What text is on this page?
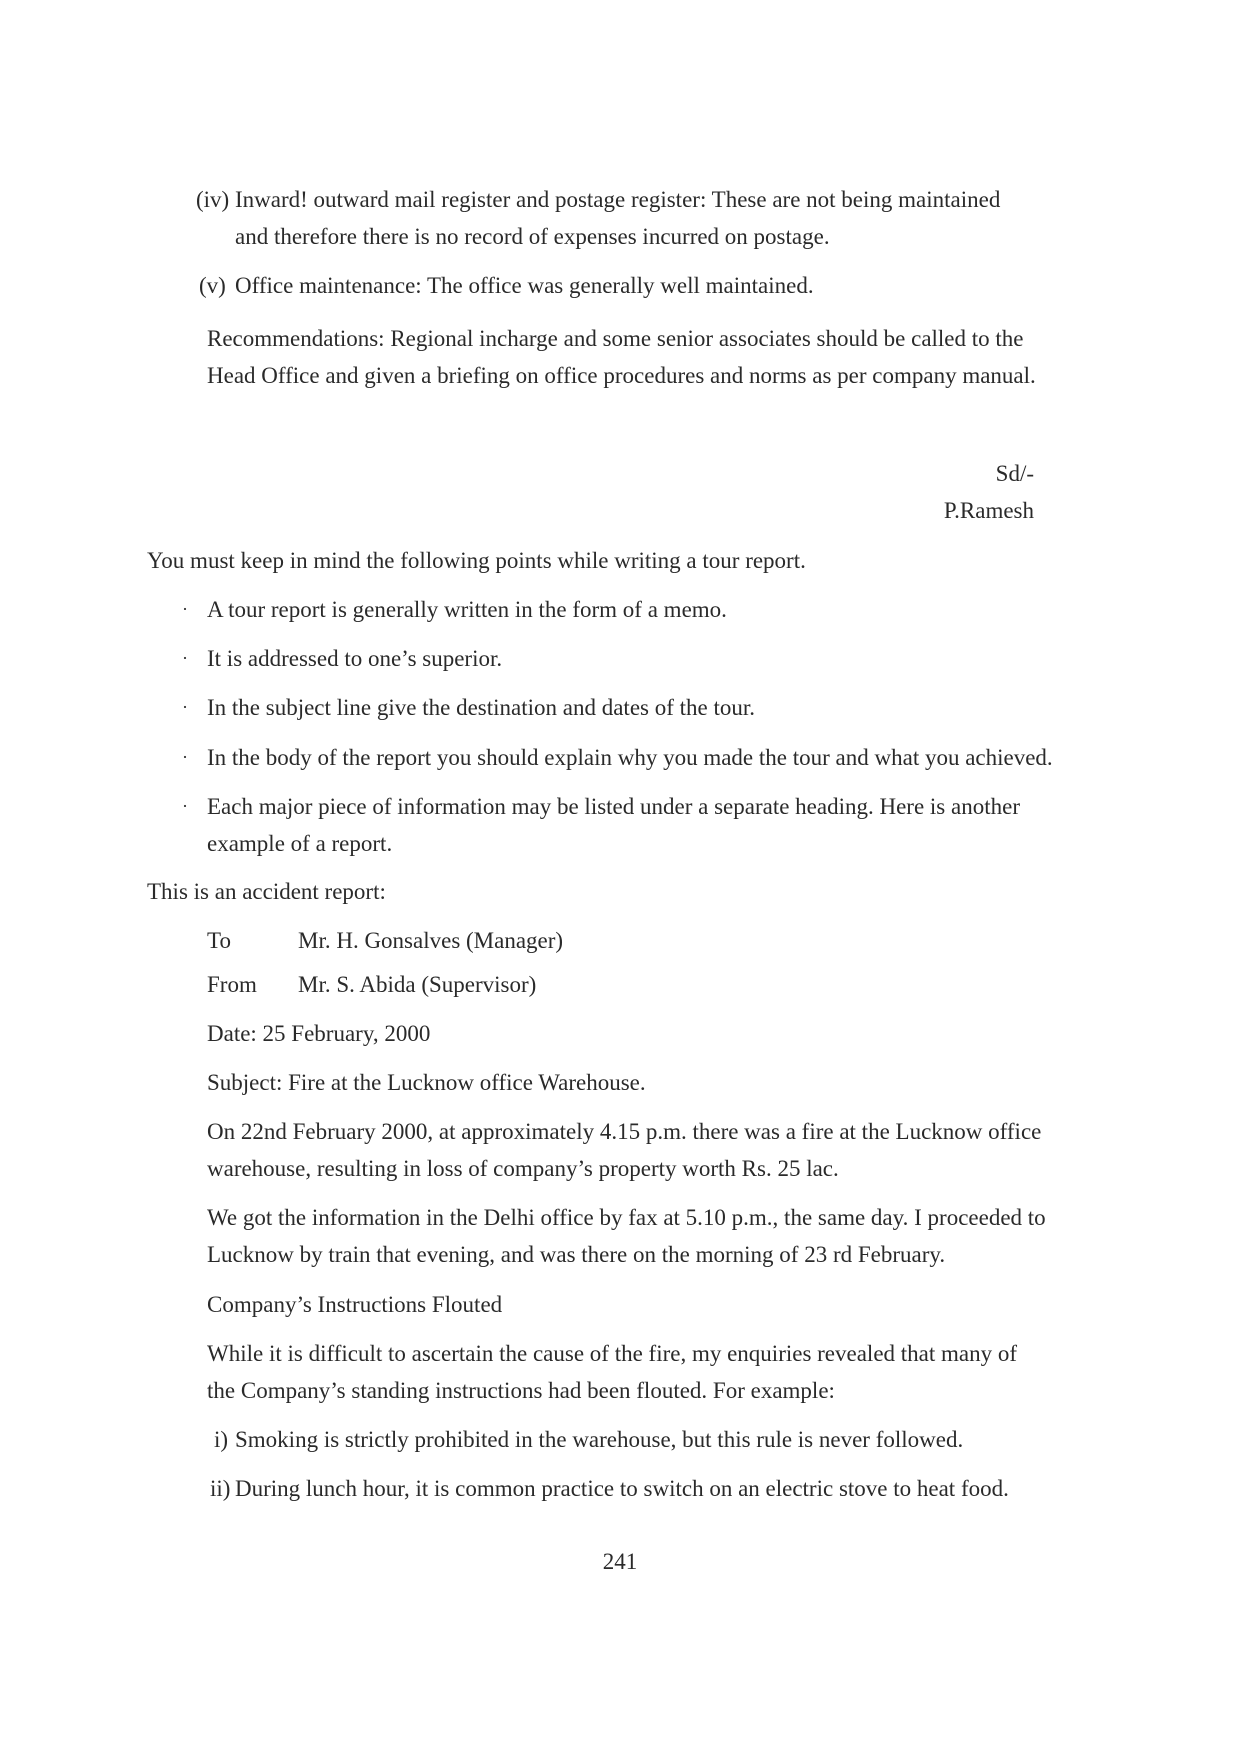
(iv) Inward! outward mail register and postage register: These are not being maintained and therefore there is no record of expenses incurred on postage.
(v) Office maintenance: The office was generally well maintained.

Recommendations: Regional incharge and some senior associates should be called to the Head Office and given a briefing on office procedures and norms as per company manual.

Sd/-
P.Ramesh
You must keep in mind the following points while writing a tour report.
· A tour report is generally written in the form of a memo.
· It is addressed to one’s superior.
· In the subject line give the destination and dates of the tour.
· In the body of the report you should explain why you made the tour and what you achieved.
· Each major piece of information may be listed under a separate heading. Here is another example of a report.
This is an accident report:
To	Mr. H. Gonsalves (Manager)
From Mr. S. Abida (Supervisor)
Date: 25 February, 2000
Subject: Fire at the Lucknow office Warehouse.

On 22nd February 2000, at approximately 4.15 p.m. there was a fire at the Lucknow office warehouse, resulting in loss of company’s property worth Rs. 25 lac.

We got the information in the Delhi office by fax at 5.10 p.m., the same day. I proceeded to Lucknow by train that evening, and was there on the morning of 23 rd February.

Company’s Instructions Flouted

While it is difficult to ascertain the cause of the fire, my enquiries revealed that many of the Company’s standing instructions had been flouted. For example:

i) Smoking is strictly prohibited in the warehouse, but this rule is never followed.
ii) During lunch hour, it is common practice to switch on an electric stove to heat food.
241
